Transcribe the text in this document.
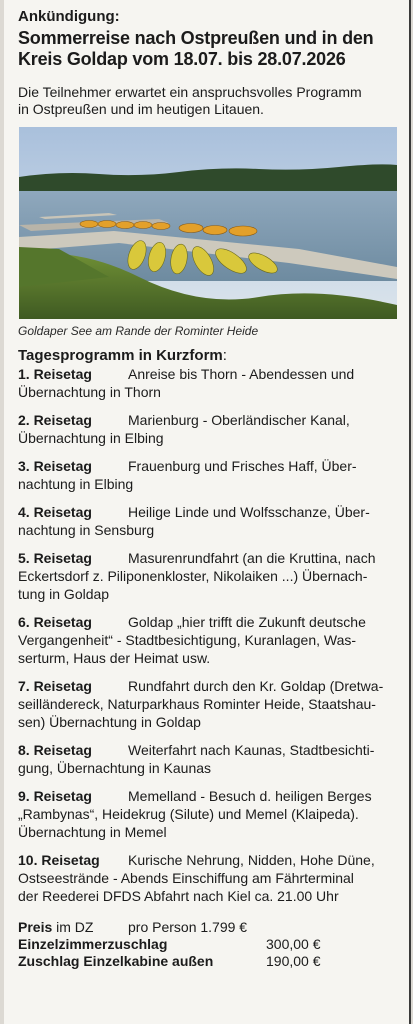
Ankündigung:
Sommerreise nach Ostpreußen und in den
Kreis Goldap vom 18.07. bis 28.07.2026
Die Teilnehmer erwartet ein anspruchsvolles Programm
in Ostpreußen und im heutigen Litauen.
Goldaper See am Rande der Rominter Heide
Tagesprogramm in Kurzform:
1. Reisetag	Anreise bis Thorn - Abendessen und
Übernachtung in Thorn
2. Reisetag	Marienburg - Oberländischer Kanal,
Übernachtung in Elbing
3. Reisetag	Frauenburg und Frisches Haff, Über-
nachtung in Elbing
4. Reisetag	Heilige Linde und Wolfsschanze, Über-
nachtung in Sensburg
5. Reisetag	Masurenrundfahrt (an die Kruttina, nach
Eckertsdorf z. Piliponenkloster, Nikolaiken ...) Übernach-
tung in Goldap
6. Reisetag	Goldap „hier trifft die Zukunft deutsche
Vergangenheit“ - Stadtbesichtigung, Kuranlagen, Was-
serturm, Haus der Heimat usw.
7. Reisetag	Rundfahrt durch den Kr. Goldap (Dretwa-
seilländereck, Naturparkhaus Rominter Heide, Staatshau-
sen) Übernachtung in Goldap
8. Reisetag	Weiterfahrt nach Kaunas, Stadtbesichti-
gung, Übernachtung in Kaunas
9. Reisetag	Memelland - Besuch d. heiligen Berges
„Rambynas“, Heidekrug (Silute) und Memel (Klaipeda).
Übernachtung in Memel
10. Reisetag Kurische Nehrung, Nidden, Hohe Düne,
Ostseestrände - Abends Einschiffung am Fährterminal
der Reederei DFDS Abfahrt nach Kiel ca. 21.00 Uhr
Preis im DZ pro Person 1.799 €
Einzelzimmerzuschlag	300,00 €
Zuschlag Einzelkabine außen	190,00 €
